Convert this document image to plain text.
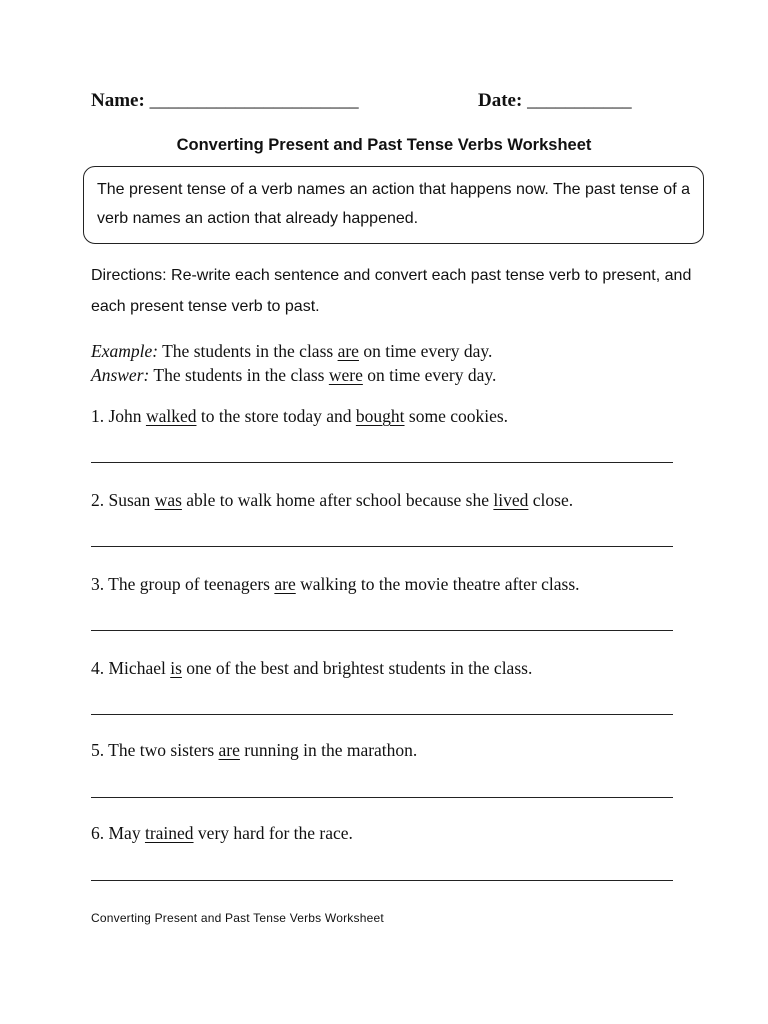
Name: ______________________	Date: ___________
Converting Present and Past Tense Verbs Worksheet
The present tense of a verb names an action that happens now. The past tense of a verb names an action that already happened.
Directions: Re-write each sentence and convert each past tense verb to present, and each present tense verb to past.
Example: The students in the class are on time every day.
Answer: The students in the class were on time every day.
1. John walked to the store today and bought some cookies.
2. Susan was able to walk home after school because she lived close.
3. The group of teenagers are walking to the movie theatre after class.
4. Michael is one of the best and brightest students in the class.
5. The two sisters are running in the marathon.
6. May trained very hard for the race.
Converting Present and Past Tense Verbs Worksheet
